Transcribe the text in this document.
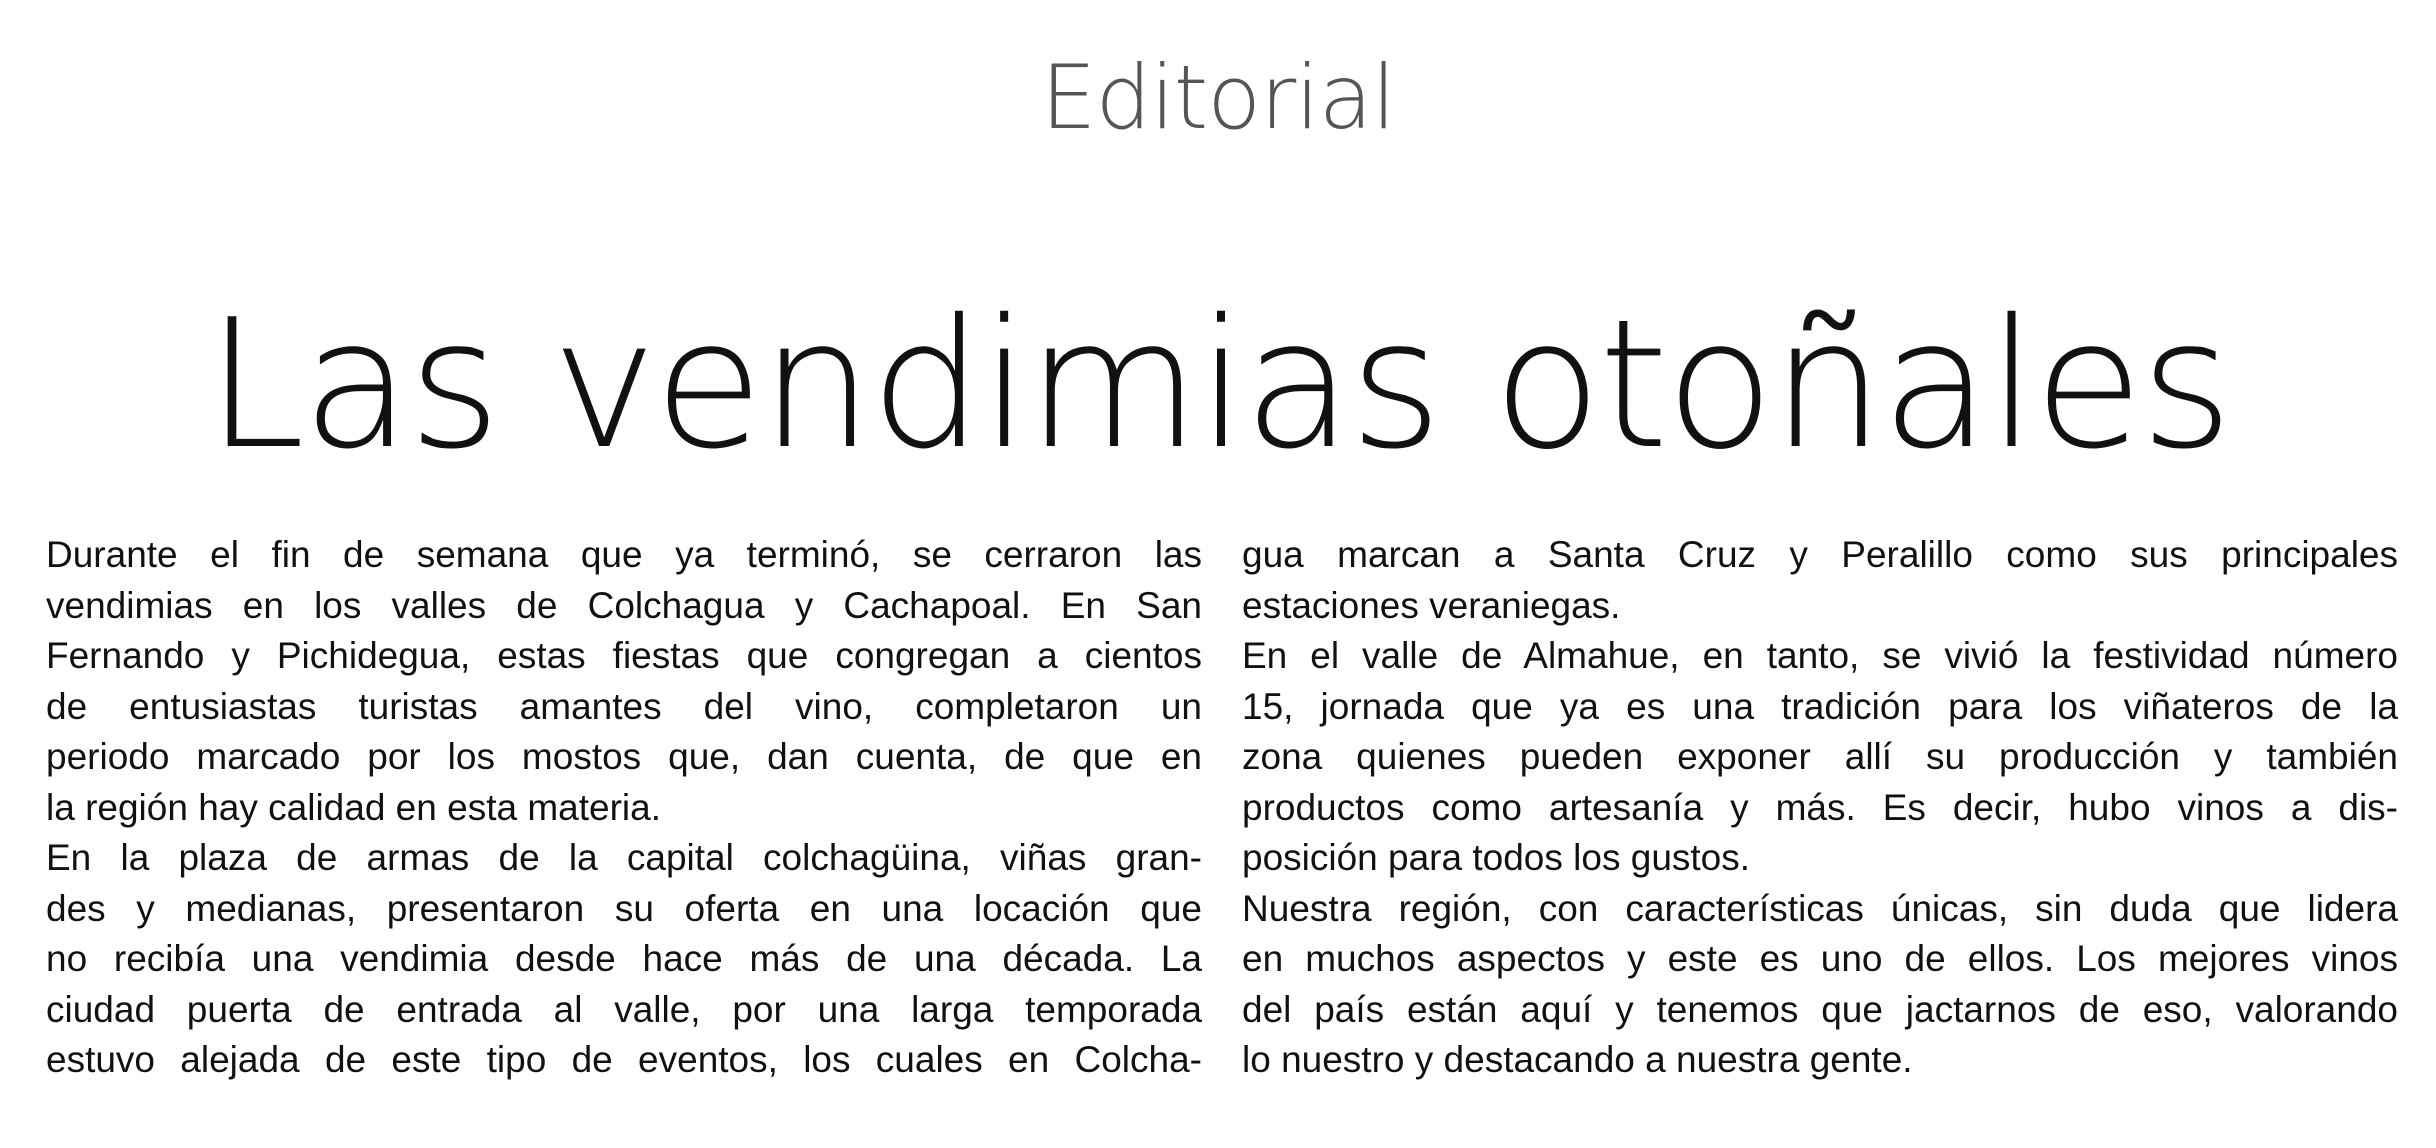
Editorial
Las vendimias otoñales
Durante el fin de semana que ya terminó, se cerraron las
vendimias en los valles de Colchagua y Cachapoal. En San
Fernando y Pichidegua, estas fiestas que congregan a cientos
de entusiastas turistas amantes del vino, completaron un
periodo marcado por los mostos que, dan cuenta, de que en
la región hay calidad en esta materia.
En la plaza de armas de la capital colchagüina, viñas gran-
des y medianas, presentaron su oferta en una locación que
no recibía una vendimia desde hace más de una década. La
ciudad puerta de entrada al valle, por una larga temporada
estuvo alejada de este tipo de eventos, los cuales en Colcha-
gua marcan a Santa Cruz y Peralillo como sus principales
estaciones veraniegas.
En el valle de Almahue, en tanto, se vivió la festividad número
15, jornada que ya es una tradición para los viñateros de la
zona quienes pueden exponer allí su producción y también
productos como artesanía y más. Es decir, hubo vinos a dis-
posición para todos los gustos.
Nuestra región, con características únicas, sin duda que lidera
en muchos aspectos y este es uno de ellos. Los mejores vinos
del país están aquí y tenemos que jactarnos de eso, valorando
lo nuestro y destacando a nuestra gente.
